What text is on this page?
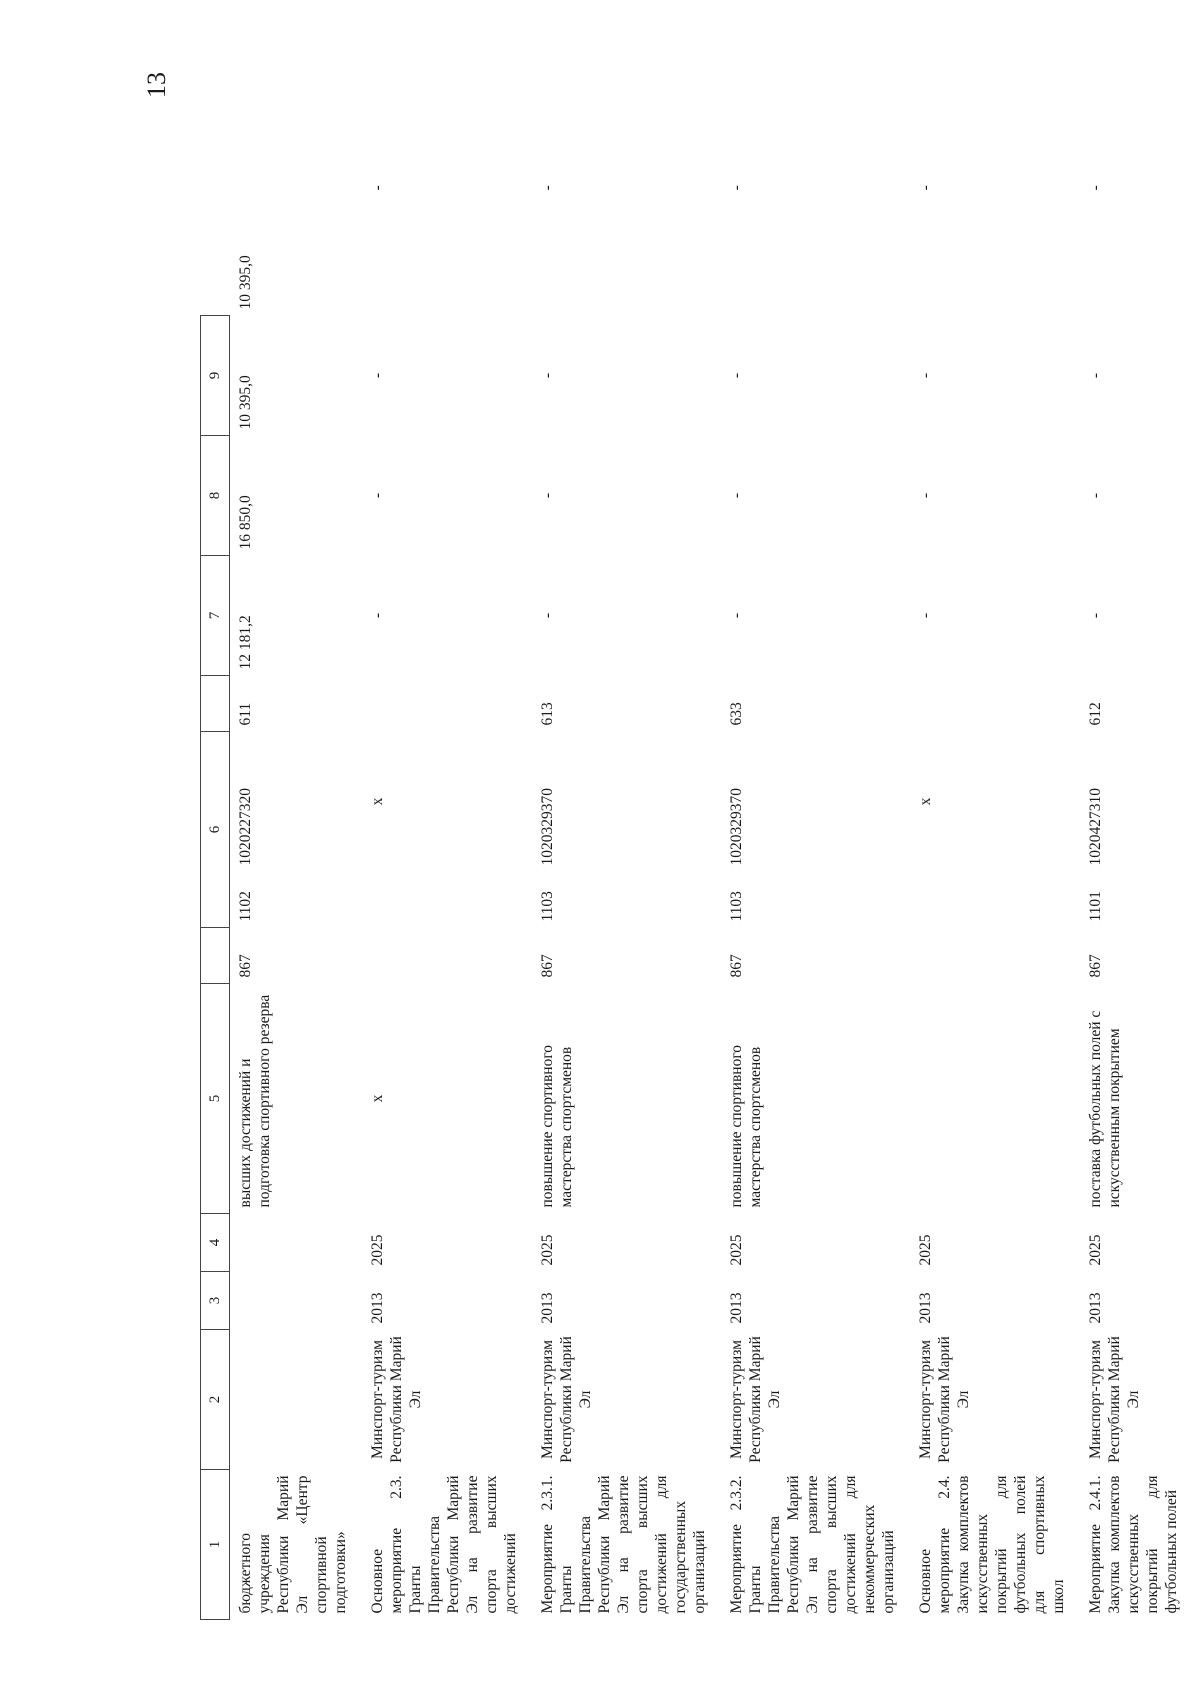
13
1	2	3	4	5		6			7	8	9	
бюджетного учреждения Республики Марий Эл «Центр спортивной подготовки»				высших достижений и подготовка спортивного резерва	867	1102	1020227320	611	12 181,2	16 850,0	10 395,0	10 395,0
Основное мероприятие 2.3. Гранты Правительства Республики Марий Эл на развитие спорта высших достижений	Минспорт-туризм Республики Марий Эл	2013	2025	x			x		-	-	-	-
Мероприятие 2.3.1. Гранты Правительства Республики Марий Эл на развитие спорта высших достижений для государственных организаций	Минспорт-туризм Республики Марий Эл	2013	2025	повышение спортивного мастерства спортсменов	867	1103	1020329370	613	-	-	-	-
Мероприятие 2.3.2. Гранты Правительства Республики Марий Эл на развитие спорта высших достижений для некоммерческих организаций	Минспорт-туризм Республики Марий Эл	2013	2025	повышение спортивного мастерства спортсменов	867	1103	1020329370	633	-	-	-	-
Основное мероприятие 2.4. Закупка комплектов искусственных покрытий для футбольных полей для спортивных школ	Минспорт-туризм Республики Марий Эл	2013	2025				x		-	-	-	-
Мероприятие 2.4.1. Закупка комплектов искусственных покрытий для футбольных полей	Минспорт-туризм Республики Марий Эл	2013	2025	поставка футбольных полей с искусственным покрытием	867	1101	1020427310	612	-	-	-	-
